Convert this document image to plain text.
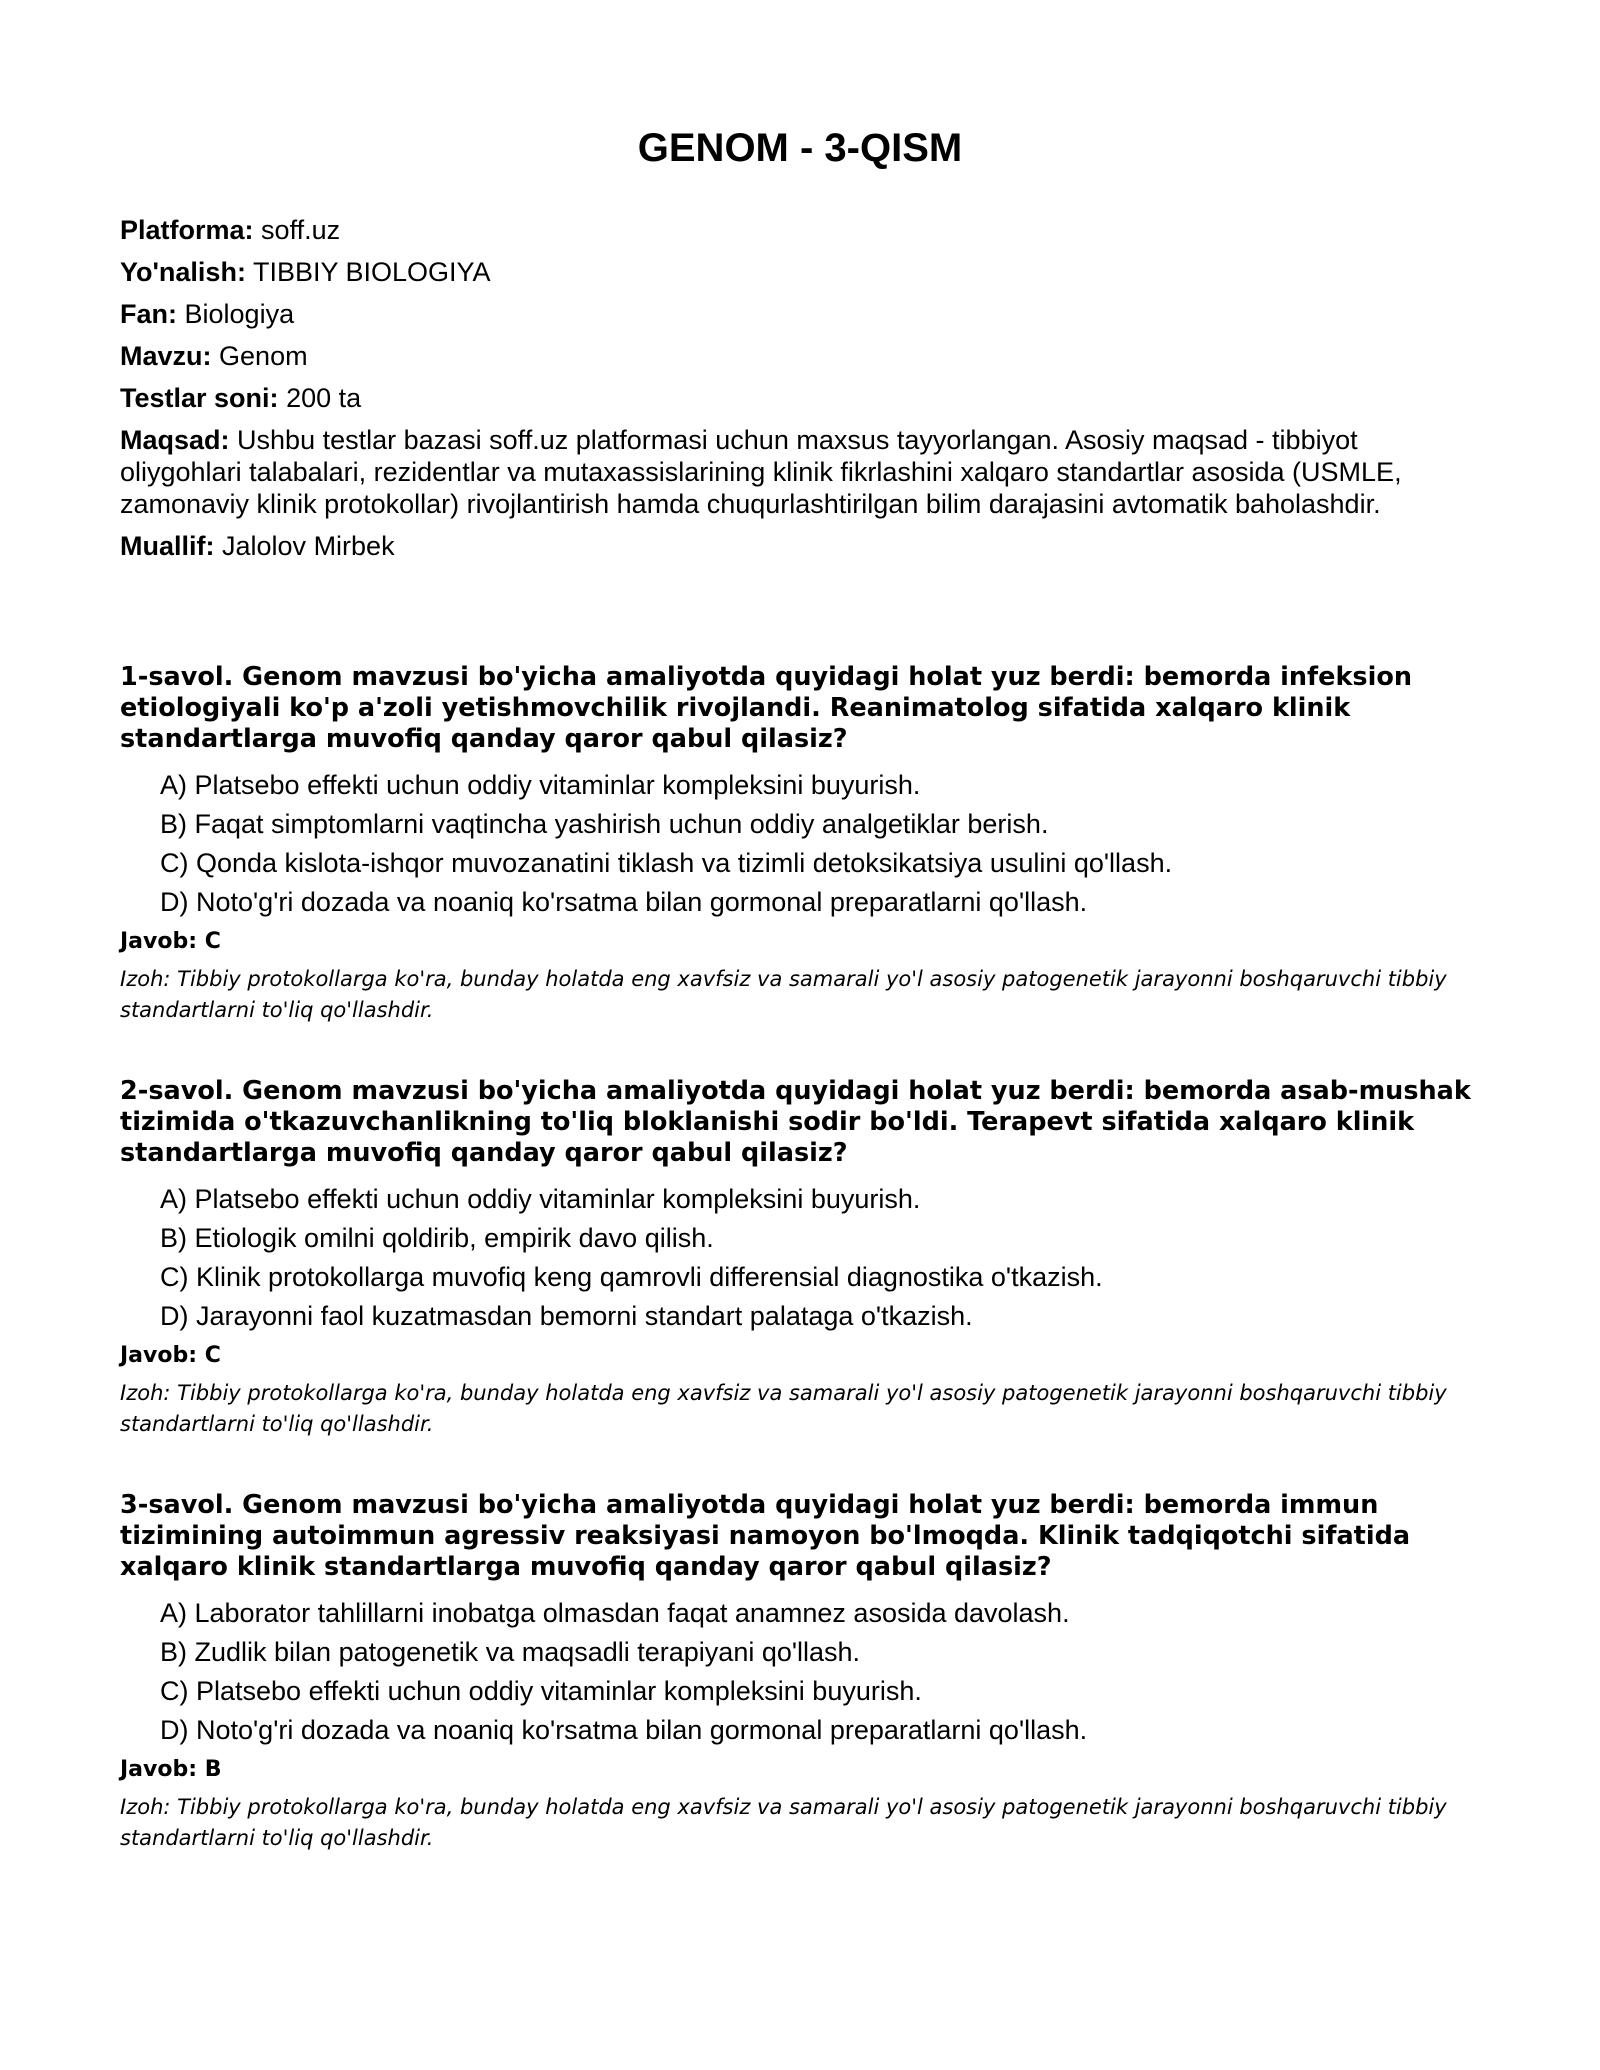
GENOM - 3-QISM

Platforma: soff.uz

Yo'nalish: TIBBIY BIOLOGIYA

Fan: Biologiya

Mavzu: Genom

Testlar soni: 200 ta

Maqsad: Ushbu testlar bazasi soff.uz platformasi uchun maxsus tayyorlangan. Asosiy maqsad - tibbiyot oliygohlari talabalari, rezidentlar va mutaxassislarining klinik fikrlashini xalqaro standartlar asosida (USMLE, zamonaviy klinik protokollar) rivojlantirish hamda chuqurlashtirilgan bilim darajasini avtomatik baholashdir.

Muallif: Jalolov Mirbek

1-savol. Genom mavzusi bo'yicha amaliyotda quyidagi holat yuz berdi: bemorda infeksion etiologiyali ko'p a'zoli yetishmovchilik rivojlandi. Reanimatolog sifatida xalqaro klinik standartlarga muvofiq qanday qaror qabul qilasiz?

A) Platsebo effekti uchun oddiy vitaminlar kompleksini buyurish.

B) Faqat simptomlarni vaqtincha yashirish uchun oddiy analgetiklar berish.

C) Qonda kislota-ishqor muvozanatini tiklash va tizimli detoksikatsiya usulini qo'llash.

D) Noto'g'ri dozada va noaniq ko'rsatma bilan gormonal preparatlarni qo'llash.

Javob: C

Izoh: Tibbiy protokollarga ko'ra, bunday holatda eng xavfsiz va samarali yo'l asosiy patogenetik jarayonni boshqaruvchi tibbiy standartlarni to'liq qo'llashdir.

2-savol. Genom mavzusi bo'yicha amaliyotda quyidagi holat yuz berdi: bemorda asab-mushak tizimida o'tkazuvchanlikning to'liq bloklanishi sodir bo'ldi. Terapevt sifatida xalqaro klinik standartlarga muvofiq qanday qaror qabul qilasiz?

A) Platsebo effekti uchun oddiy vitaminlar kompleksini buyurish.

B) Etiologik omilni qoldirib, empirik davo qilish.

C) Klinik protokollarga muvofiq keng qamrovli differensial diagnostika o'tkazish.

D) Jarayonni faol kuzatmasdan bemorni standart palataga o'tkazish.

Javob: C

Izoh: Tibbiy protokollarga ko'ra, bunday holatda eng xavfsiz va samarali yo'l asosiy patogenetik jarayonni boshqaruvchi tibbiy standartlarni to'liq qo'llashdir.

3-savol. Genom mavzusi bo'yicha amaliyotda quyidagi holat yuz berdi: bemorda immun tizimining autoimmun agressiv reaksiyasi namoyon bo'lmoqda. Klinik tadqiqotchi sifatida xalqaro klinik standartlarga muvofiq qanday qaror qabul qilasiz?

A) Laborator tahlillarni inobatga olmasdan faqat anamnez asosida davolash.

B) Zudlik bilan patogenetik va maqsadli terapiyani qo'llash.

C) Platsebo effekti uchun oddiy vitaminlar kompleksini buyurish.

D) Noto'g'ri dozada va noaniq ko'rsatma bilan gormonal preparatlarni qo'llash.

Javob: B

Izoh: Tibbiy protokollarga ko'ra, bunday holatda eng xavfsiz va samarali yo'l asosiy patogenetik jarayonni boshqaruvchi tibbiy standartlarni to'liq qo'llashdir.
